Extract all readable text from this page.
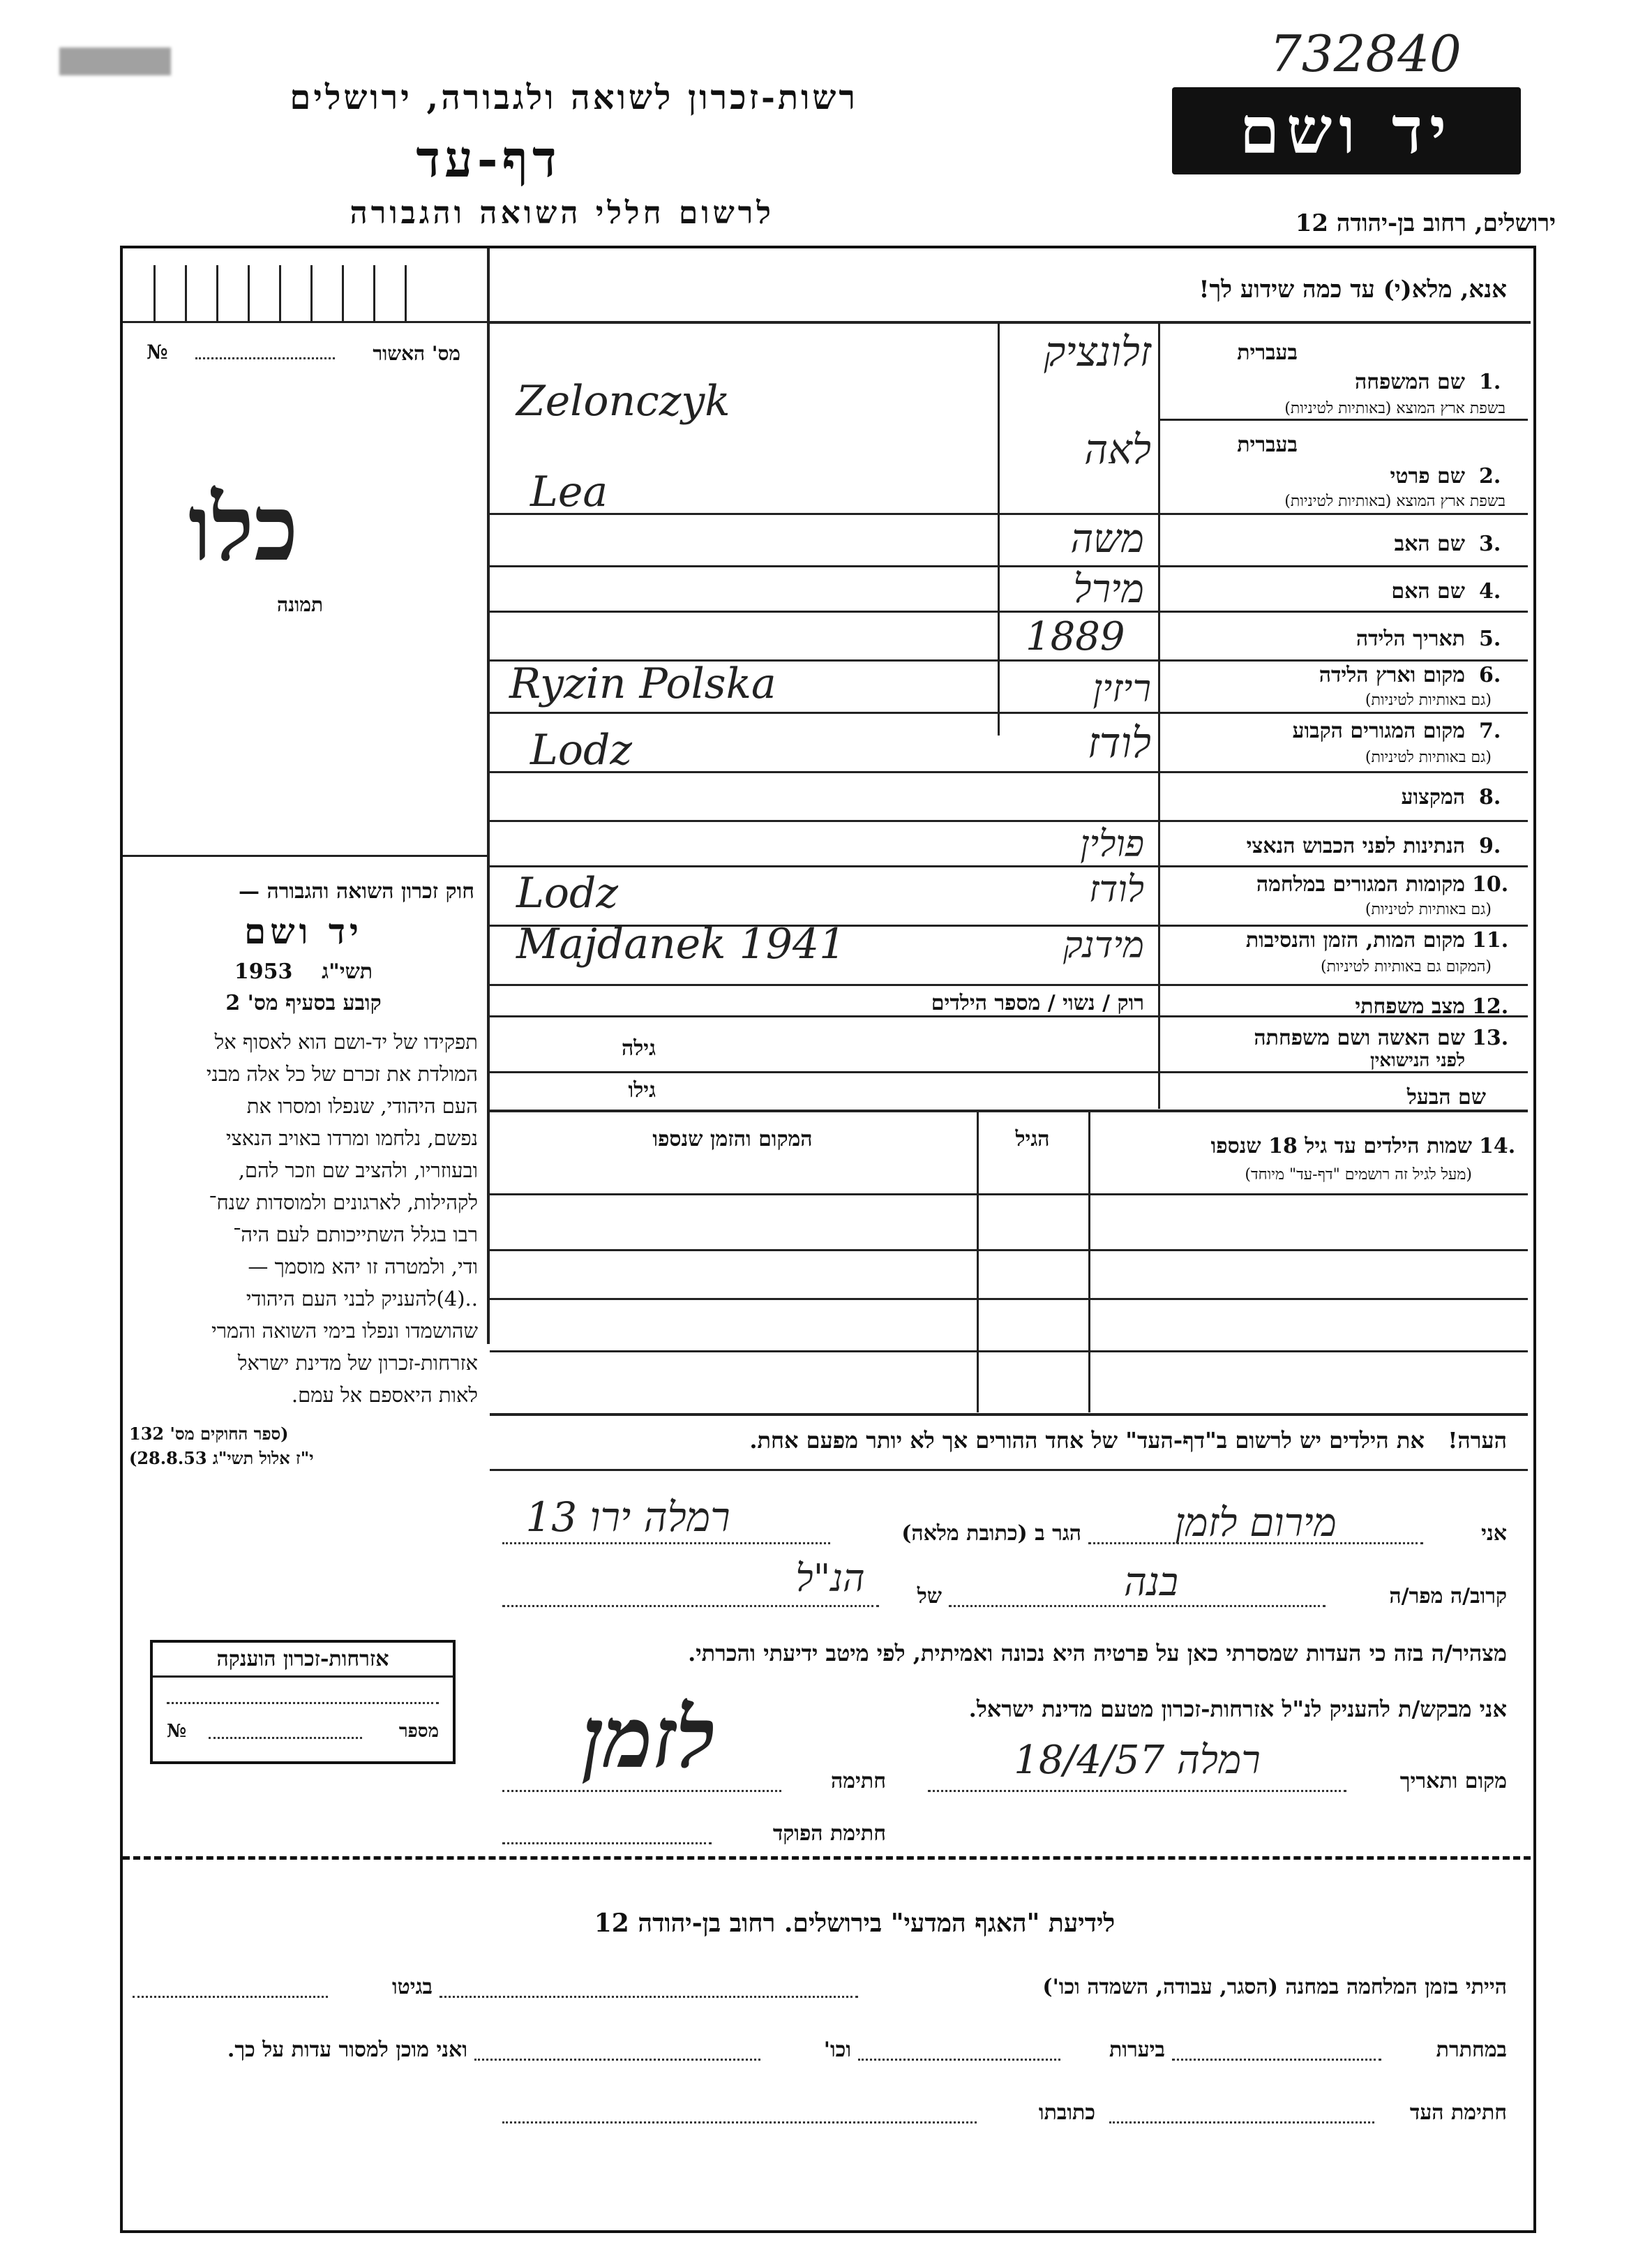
732840
רשות-זכרון לשואה ולגבורה, ירושלים
דף-עד
לרשום חללי השואה והגבורה
יד ושם
ירושלים, רחוב בן-יהודה 12
אנא, מלא(י) עד כמה שידוע לך!
מס' האשור
№
כלו
תמונה
חוק זכרון השואה והגבורה —
יד ושם
1953 תשי"ג
קובע בסעיף מס' 2
תפקידו של יד-ושם הוא לאסוף אל
המולדת את זכרם של כל אלה מבני
העם היהודי, שנפלו ומסרו את
נפשם, נלחמו ומרדו באויב הנאצי
ובעוזריו, ולהציב שם וזכר להם,
לקהילות, לארגונים ולמוסדות שנח־
רבו בגלל השתייכותם לעם היה־
ודי, ולמטרה זו יהא מוסמך —
..(4)להעניק לבני העם היהודי
שהושמדו ונפלו בימי השואה והמרי
אזרחות-זכרון של מדינת ישראל
לאות היאספם אל עמם.
(ספר החוקים מס' 132
י"ז אלול תשי"ג 28.8.53)
בעברית
בעברית
שם המשפחה 1.
בשפת ארץ המוצא (באותיות לטיניות)
זלונציק
Zelonczyk
שם פרטי 2.
בשפת ארץ המוצא (באותיות לטיניות)
לאה
Lea
שם האב 3.
משה
שם האם 4.
מירל
תאריך הלידה 5.
1889
מקום וארץ הלידה 6.
(גם באותיות לטיניות)
ריזין
Ryzin Polska
מקום המגורים הקבוע 7.
(גם באותיות לטיניות)
לודז
Lodz
המקצוע 8.
הנתינות לפני הכבוש הנאצי 9.
פולין
מקומות המגורים במלחמה 10.
(גם באותיות לטיניות)
לודז
Lodz
מקום המות, הזמן והנסיבות 11.
(המקום גם באותיות לטיניות)
מידנק
Majdanek 1941
מצב משפחתי 12.
רוק / נשוי / מספר הילדים
שם האשה ושם משפחתה 13.
לפני הנישואין
גילה
גילו	שם הבעל
14.
שמות הילדים עד גיל 18 שנספו
(מעל לגיל זה רושמים "דף-עד" מיוחד)
הגיל
המקום והזמן שנספו
הערה!   את הילדים יש לרשום ב"דף-העד" של אחד ההורים אך לא יותר מפעם אחת.
אזרחות-זכרון הוענקה
מספר
№
אני
מירום לזמן
הגר ב (כתובת מלאה)
רמלה ירו 13
קרוב/ה מפר/ה
בנה
של
הנ"ל
מצהיר/ה בזה כי העדות שמסרתי כאן על פרטיה היא נכונה ואמיתית, לפי מיטב ידיעתי והכרתי.
אני מבקש/ת להעניק לנ"ל אזרחות-זכרון מטעם מדינת ישראל.
מקום ותאריך
רמלה 18/4/57
חתימה
לזמן
חתימת הפוקד
לידיעת "האגף המדעי" בירושלים. רחוב בן-יהודה 12
הייתי בזמן המלחמה במחנה (הסגר, עבודה, השמדה וכו')
בגיטו
במחתרת
ביערות
וכו'
ואני מוכן למסור עדות על כך.
חתימת העד
כתובתו
